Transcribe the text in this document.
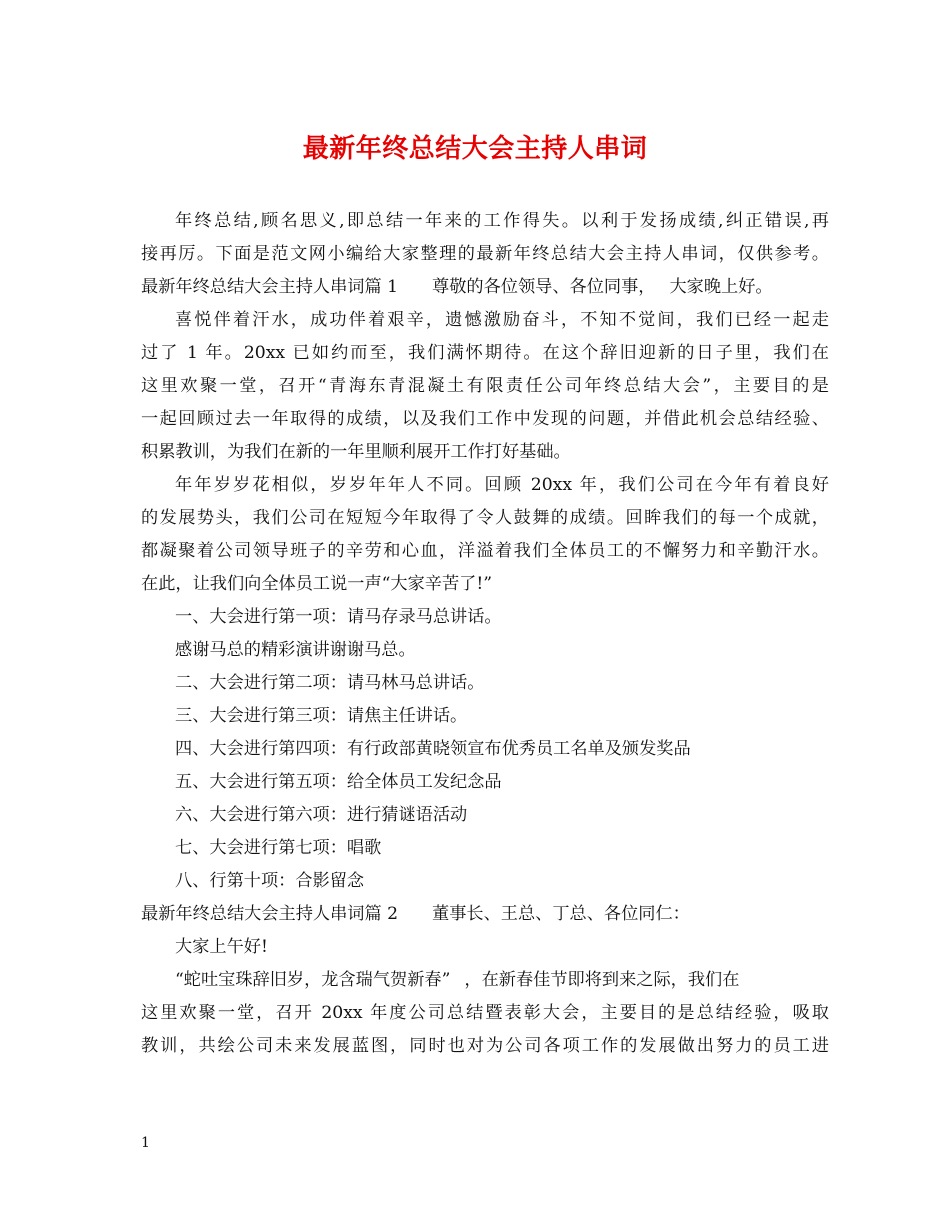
最新年终总结大会主持人串词
年终总结,顾名思义,即总结一年来的工作得失。以利于发扬成绩,纠正错误,再
接再厉。下面是范文网小编给大家整理的最新年终总结大会主持人串词，仅供参考。
最新年终总结大会主持人串词篇 1 尊敬的各位领导、各位同事， 大家晚上好。
喜悦伴着汗水，成功伴着艰辛，遗憾激励奋斗，不知不觉间，我们已经一起走
过了 1 年。20xx 已如约而至，我们满怀期待。在这个辞旧迎新的日子里，我们在
这里欢聚一堂，召开“青海东青混凝土有限责任公司年终总结大会”，主要目的是
一起回顾过去一年取得的成绩，以及我们工作中发现的问题，并借此机会总结经验、
积累教训，为我们在新的一年里顺利展开工作打好基础。
年年岁岁花相似，岁岁年年人不同。回顾 20xx 年，我们公司在今年有着良好
的发展势头，我们公司在短短今年取得了令人鼓舞的成绩。回眸我们的每一个成就，
都凝聚着公司领导班子的辛劳和心血，洋溢着我们全体员工的不懈努力和辛勤汗水。
在此，让我们向全体员工说一声“大家辛苦了!”
一、大会进行第一项：请马存录马总讲话。
感谢马总的精彩演讲谢谢马总。
二、大会进行第二项：请马林马总讲话。
三、大会进行第三项：请焦主任讲话。
四、大会进行第四项：有行政部黄晓领宣布优秀员工名单及颁发奖品
五、大会进行第五项：给全体员工发纪念品
六、大会进行第六项：进行猜谜语活动
七、大会进行第七项：唱歌
八、行第十项：合影留念
最新年终总结大会主持人串词篇 2 董事长、王总、丁总、各位同仁：
大家上午好!
“蛇吐宝珠辞旧岁，龙含瑞气贺新春” ，在新春佳节即将到来之际，我们在
这里欢聚一堂，召开 20xx 年度公司总结暨表彰大会，主要目的是总结经验，吸取
教训，共绘公司未来发展蓝图，同时也对为公司各项工作的发展做出努力的员工进
1
